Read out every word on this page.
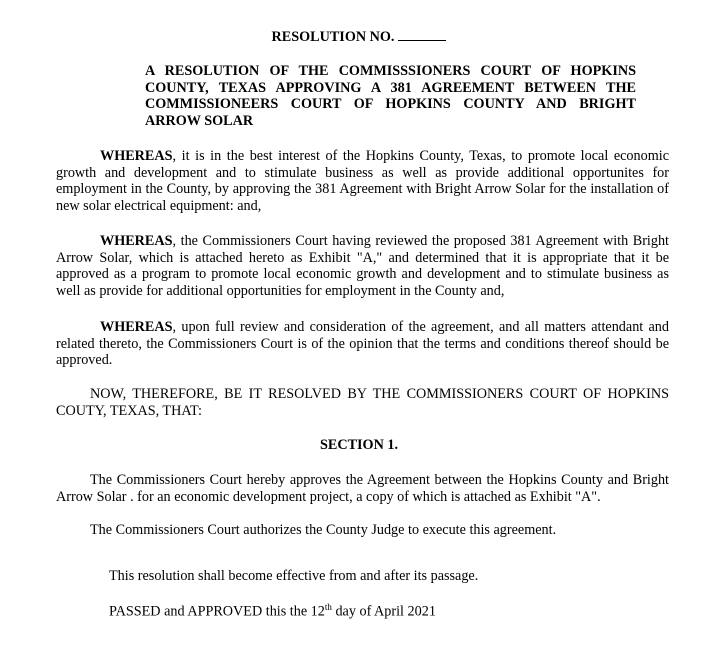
RESOLUTION NO.
A RESOLUTION OF THE COMMISSSIONERS COURT OF HOPKINS COUNTY, TEXAS APPROVING A 381 AGREEMENT BETWEEN THE COMMISSIONEERS COURT OF HOPKINS COUNTY AND BRIGHT ARROW SOLAR
WHEREAS, it is in the best interest of the Hopkins County, Texas, to promote local economic growth and development and to stimulate business as well as provide additional opportunites for employment in the County, by approving the 381 Agreement with Bright Arrow Solar for the installation of new solar electrical equipment: and,
WHEREAS, the Commissioners Court having reviewed the proposed 381 Agreement with Bright Arrow Solar, which is attached hereto as Exhibit "A," and determined that it is appropriate that it be approved as a program to promote local economic growth and development and to stimulate business as well as provide for additional opportunities for employment in the County and,
WHEREAS, upon full review and consideration of the agreement, and all matters attendant and related thereto, the Commissioners Court is of the opinion that the terms and conditions thereof should be approved.
NOW, THEREFORE, BE IT RESOLVED BY THE COMMISSIONERS COURT OF HOPKINS COUTY, TEXAS, THAT:
SECTION 1.
The Commissioners Court hereby approves the Agreement between the Hopkins County and Bright Arrow Solar . for an economic development project, a copy of which is attached as Exhibit "A".
The Commissioners Court authorizes the County Judge to execute this agreement.
This resolution shall become effective from and after its passage.
PASSED and APPROVED this the 12th day of April 2021
